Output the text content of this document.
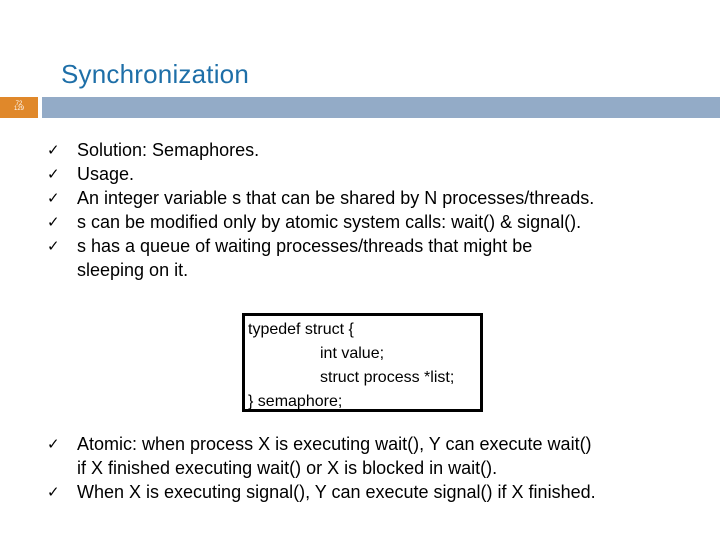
Synchronization
72
129
✓ Solution: Semaphores.
✓ Usage.
✓ An integer variable s that can be shared by N processes/threads.
✓ s can be modified only by atomic system calls: wait() & signal().
✓ s has a queue of waiting processes/threads that might be
sleeping on it.
typedef struct {
int value;
struct process *list;
} semaphore;
✓ Atomic: when process X is executing wait(), Y can execute wait()
if X finished executing wait() or X is blocked in wait().
✓ When X is executing signal(), Y can execute signal() if X finished.
